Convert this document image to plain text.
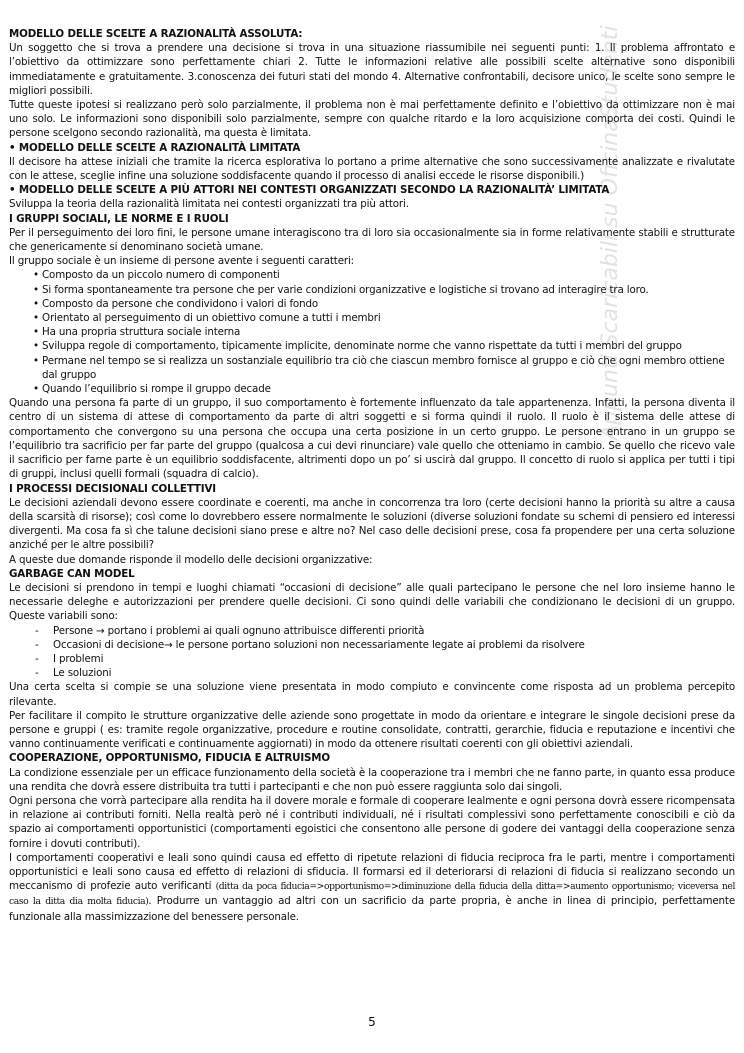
Appunti Scaricabili su OficinaStudenti

MODELLO DELLE SCELTE A RAZIONALITÀ ASSOLUTA:

Un soggetto che si trova a prendere una decisione si trova in una situazione riassumibile nei seguenti punti: 1. Il problema affrontato e l’obiettivo da ottimizzare sono perfettamente chiari 2. Tutte le informazioni relative alle possibili scelte alternative sono disponibili immediatamente e gratuitamente. 3.conoscenza dei futuri stati del mondo 4. Alternative confrontabili, decisore unico, le scelte sono sempre le migliori possibili.

Tutte queste ipotesi si realizzano però solo parzialmente, il problema non è mai perfettamente definito e l’obiettivo da ottimizzare non è mai uno solo. Le informazioni sono disponibili solo parzialmente, sempre con qualche ritardo e la loro acquisizione comporta dei costi. Quindi le persone scelgono secondo razionalità, ma questa è limitata.

• MODELLO DELLE SCELTE A RAZIONALITÀ LIMITATA

Il decisore ha attese iniziali che tramite la ricerca esplorativa lo portano a prime alternative che sono successivamente analizzate e rivalutate con le attese, sceglie infine una soluzione soddisfacente quando il processo di analisi eccede le risorse disponibili.)

• MODELLO DELLE SCELTE A PIÙ ATTORI NEI CONTESTI ORGANIZZATI SECONDO LA RAZIONALITÀ’ LIMITATA

Sviluppa la teoria della razionalità limitata nei contesti organizzati tra più attori.

I GRUPPI SOCIALI, LE NORME E I RUOLI

Per il perseguimento dei loro fini, le persone umane interagiscono tra di loro sia occasionalmente sia in forme relativamente stabili e strutturate che genericamente si denominano società umane.

Il gruppo sociale è un insieme di persone avente i seguenti caratteri:

• Composto da un piccolo numero di componenti
• Si forma spontaneamente tra persone che per varie condizioni organizzative e logistiche si trovano ad interagire tra loro.
• Composto da persone che condividono i valori di fondo
• Orientato al perseguimento di un obiettivo comune a tutti i membri
• Ha una propria struttura sociale interna
• Sviluppa regole di comportamento, tipicamente implicite, denominate norme che vanno rispettate da tutti i membri del gruppo
• Permane nel tempo se si realizza un sostanziale equilibrio tra ciò che ciascun membro fornisce al gruppo e ciò che ogni membro ottiene dal gruppo
• Quando l’equilibrio si rompe il gruppo decade

Quando una persona fa parte di un gruppo, il suo comportamento è fortemente influenzato da tale appartenenza. Infatti, la persona diventa il centro di un sistema di attese di comportamento da parte di altri soggetti e si forma quindi il ruolo. Il ruolo è il sistema delle attese di comportamento che convergono su una persona che occupa una certa posizione in un certo gruppo. Le persone entrano in un gruppo se l’equilibrio tra sacrificio per far parte del gruppo (qualcosa a cui devi rinunciare) vale quello che otteniamo in cambio. Se quello che ricevo vale il sacrificio per farne parte è un equilibrio soddisfacente, altrimenti dopo un po’ si uscirà dal gruppo. Il concetto di ruolo si applica per tutti i tipi di gruppi, inclusi quelli formali (squadra di calcio).

I PROCESSI DECISIONALI COLLETTIVI

Le decisioni aziendali devono essere coordinate e coerenti, ma anche in concorrenza tra loro (certe decisioni hanno la priorità su altre a causa della scarsità di risorse); così come lo dovrebbero essere normalmente le soluzioni (diverse soluzioni fondate su schemi di pensiero ed interessi divergenti. Ma cosa fa sì che talune decisioni siano prese e altre no? Nel caso delle decisioni prese, cosa fa propendere per una certa soluzione anziché per le altre possibili?

A queste due domande risponde il modello delle decisioni organizzative:

GARBAGE CAN MODEL

Le decisioni si prendono in tempi e luoghi chiamati “occasioni di decisione” alle quali partecipano le persone che nel loro insieme hanno le necessarie deleghe e autorizzazioni per prendere quelle decisioni. Ci sono quindi delle variabili che condizionano le decisioni di un gruppo. Queste variabili sono:

- Persone → portano i problemi ai quali ognuno attribuisce differenti priorità
- Occasioni di decisione→ le persone portano soluzioni non necessariamente legate ai problemi da risolvere
- I problemi
- Le soluzioni

Una certa scelta si compie se una soluzione viene presentata in modo compiuto e convincente come risposta ad un problema percepito rilevante.

Per facilitare il compito le strutture organizzative delle aziende sono progettate in modo da orientare e integrare le singole decisioni prese da persone e gruppi ( es: tramite regole organizzative, procedure e routine consolidate, contratti, gerarchie, fiducia e reputazione e incentivi che vanno continuamente verificati e continuamente aggiornati) in modo da ottenere risultati coerenti con gli obiettivi aziendali.

COOPERAZIONE, OPPORTUNISMO, FIDUCIA E ALTRUISMO

La condizione essenziale per un efficace funzionamento della società è la cooperazione tra i membri che ne fanno parte, in quanto essa produce una rendita che dovrà essere distribuita tra tutti i partecipanti e che non può essere raggiunta solo dai singoli.

Ogni persona che vorrà partecipare alla rendita ha il dovere morale e formale di cooperare lealmente e ogni persona dovrà essere ricompensata in relazione ai contributi forniti. Nella realtà però né i contributi individuali, né i risultati complessivi sono perfettamente conoscibili e ciò da spazio ai comportamenti opportunistici (comportamenti egoistici che consentono alle persone di godere dei vantaggi della cooperazione senza fornire i dovuti contributi).

I comportamenti cooperativi e leali sono quindi causa ed effetto di ripetute relazioni di fiducia reciproca fra le parti, mentre i comportamenti opportunistici e leali sono causa ed effetto di relazioni di sfiducia. Il formarsi ed il deteriorarsi di relazioni di fiducia si realizzano secondo un meccanismo di profezie auto verificanti (ditta da poca fiducia=>opportunismo=>diminuzione della fiducia della ditta=>aumento opportunismo; viceversa nel caso la ditta dia molta fiducia). Produrre un vantaggio ad altri con un sacrificio da parte propria, è anche in linea di principio, perfettamente funzionale alla massimizzazione del benessere personale.

5
